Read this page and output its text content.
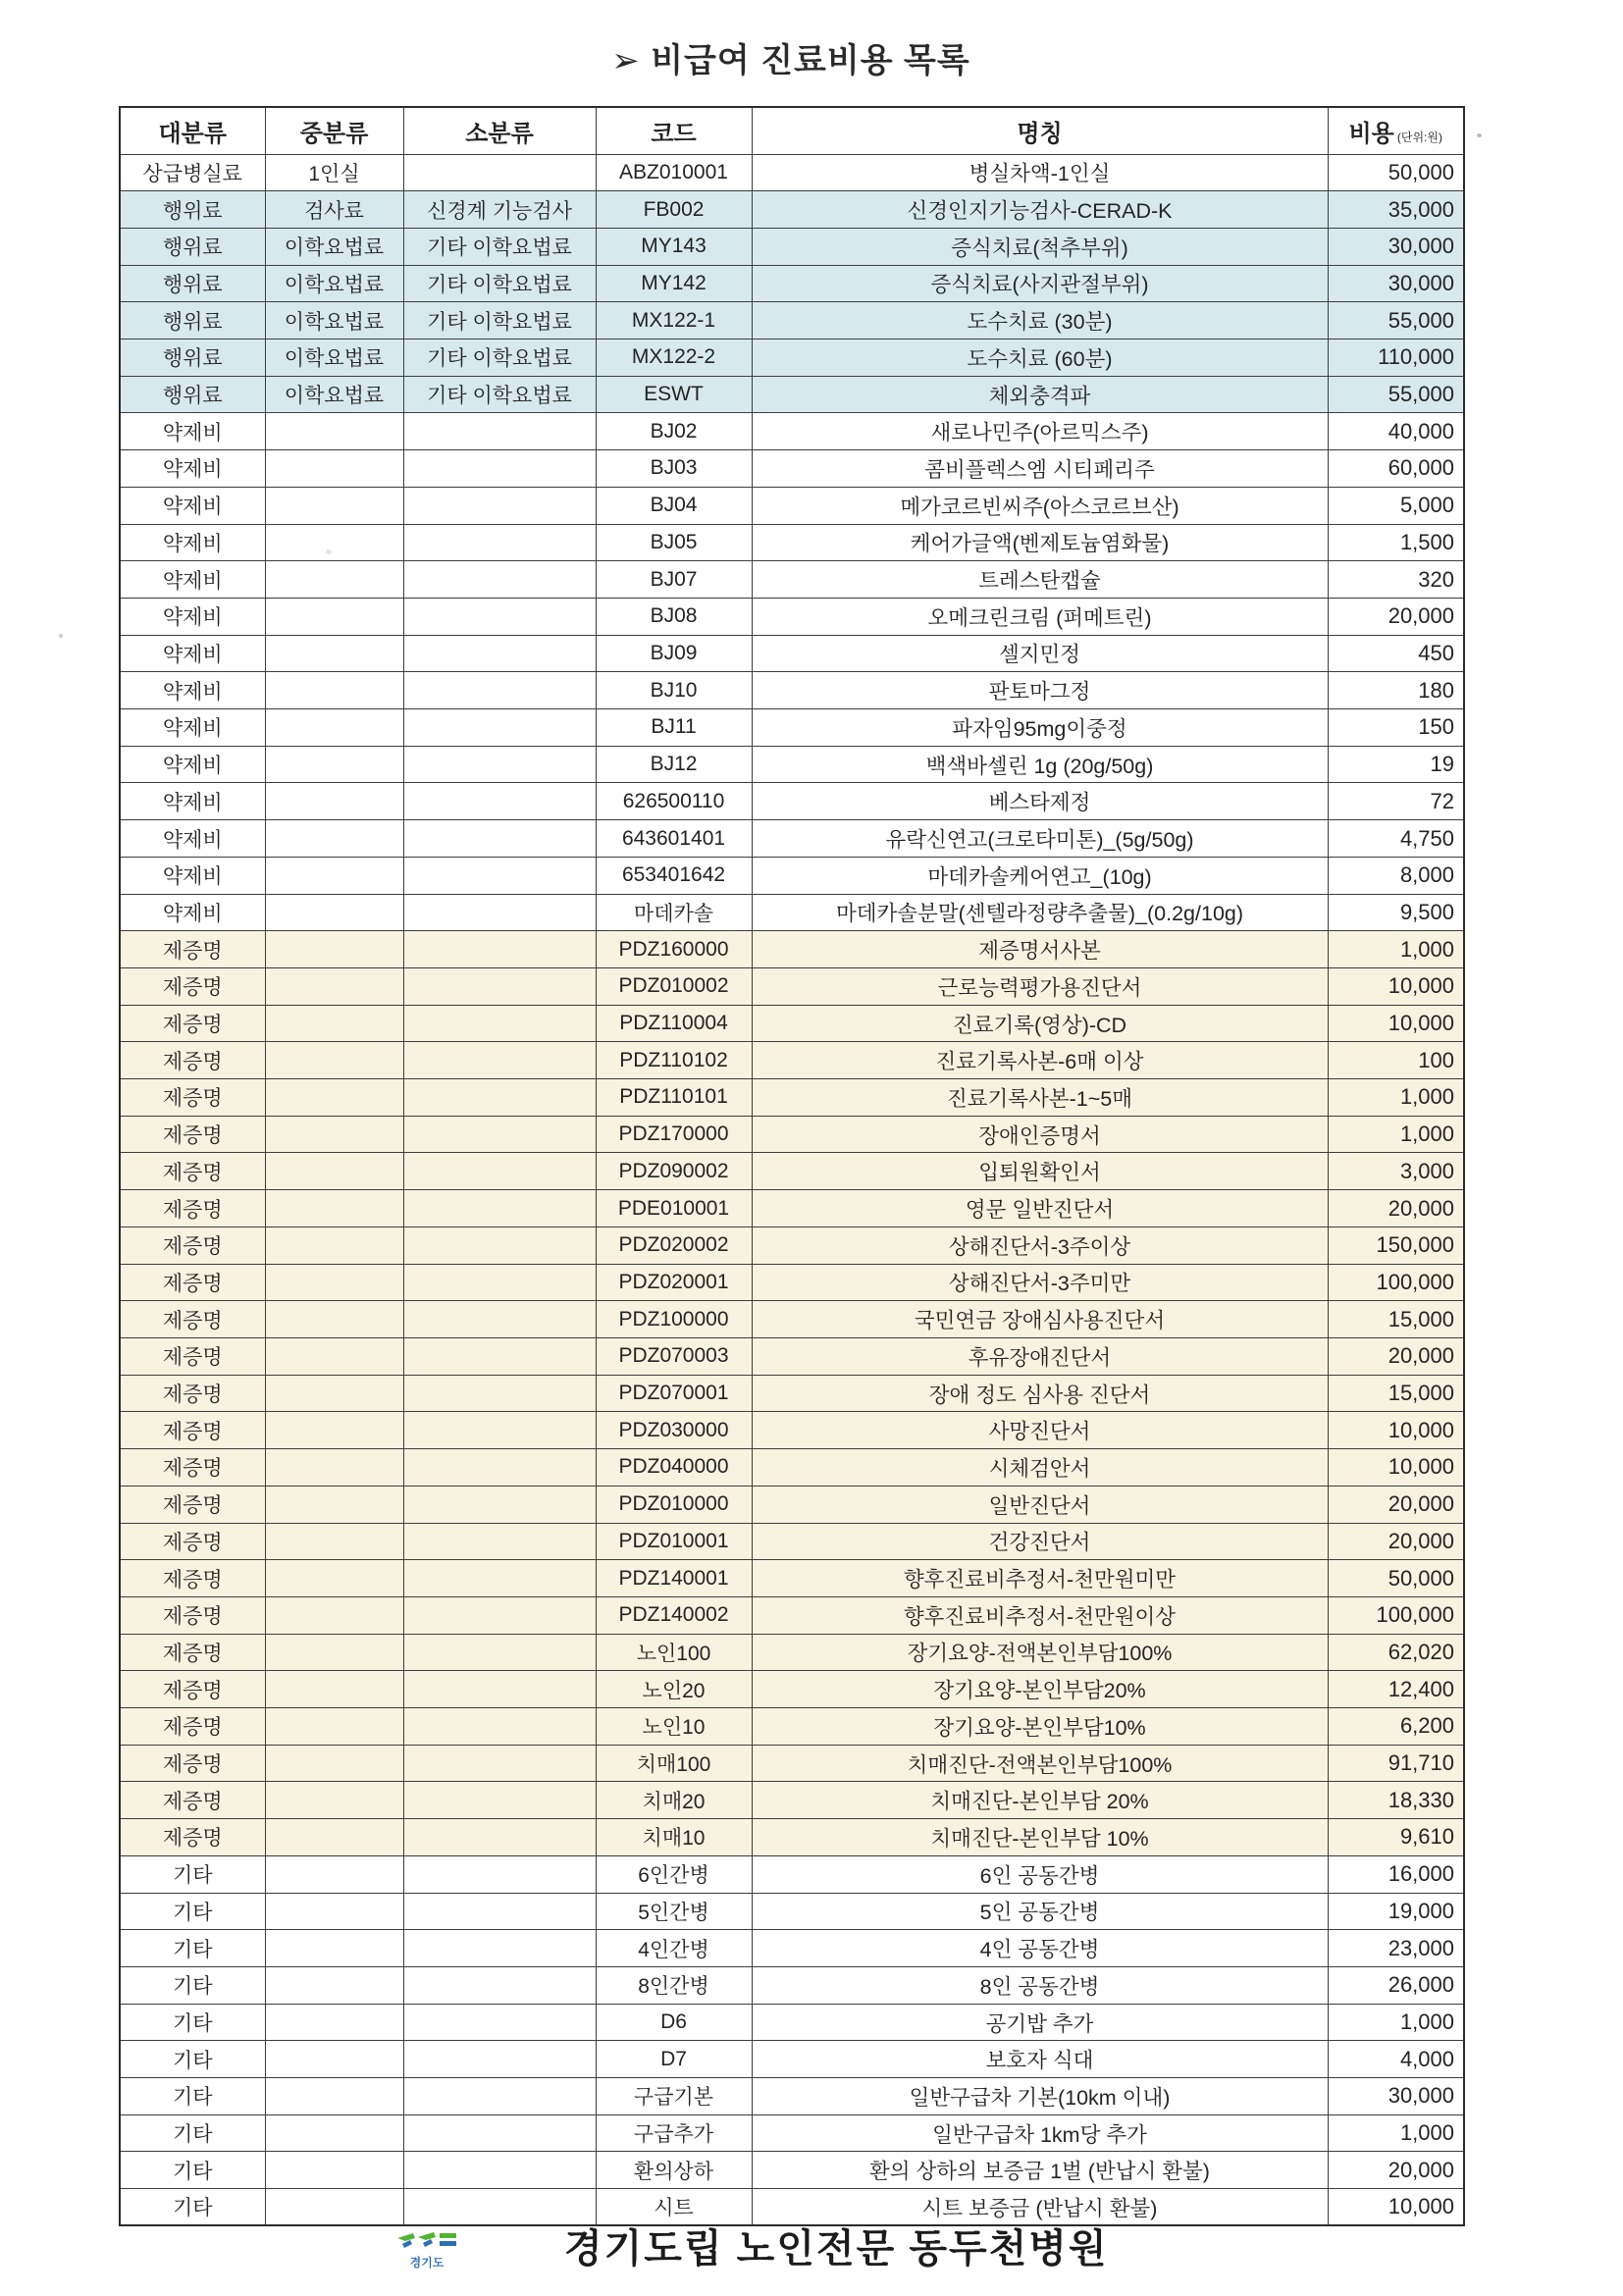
➢ 비급여 진료비용 목록
대분류	중분류	소분류	코드	명칭	비용 (단위:원)
상급병실료	1인실		ABZ010001	병실차액-1인실	50,000
행위료	검사료	신경계 기능검사	FB002	신경인지기능검사-CERAD-K	35,000
행위료	이학요법료	기타 이학요법료	MY143	증식치료(척추부위)	30,000
행위료	이학요법료	기타 이학요법료	MY142	증식치료(사지관절부위)	30,000
행위료	이학요법료	기타 이학요법료	MX122-1	도수치료 (30분)	55,000
행위료	이학요법료	기타 이학요법료	MX122-2	도수치료 (60분)	110,000
행위료	이학요법료	기타 이학요법료	ESWT	체외충격파	55,000
약제비			BJ02	새로나민주(아르믹스주)	40,000
약제비			BJ03	콤비플렉스엠 시티페리주	60,000
약제비			BJ04	메가코르빈씨주(아스코르브산)	5,000
약제비			BJ05	케어가글액(벤제토늄염화물)	1,500
약제비			BJ07	트레스탄캡슐	320
약제비			BJ08	오메크린크림 (퍼메트린)	20,000
약제비			BJ09	셀지민정	450
약제비			BJ10	판토마그정	180
약제비			BJ11	파자임95mg이중정	150
약제비			BJ12	백색바셀린 1g (20g/50g)	19
약제비			626500110	베스타제정	72
약제비			643601401	유락신연고(크로타미톤)_(5g/50g)	4,750
약제비			653401642	마데카솔케어연고_(10g)	8,000
약제비			마데카솔	마데카솔분말(센텔라정량추출물)_(0.2g/10g)	9,500
제증명			PDZ160000	제증명서사본	1,000
제증명			PDZ010002	근로능력평가용진단서	10,000
제증명			PDZ110004	진료기록(영상)-CD	10,000
제증명			PDZ110102	진료기록사본-6매 이상	100
제증명			PDZ110101	진료기록사본-1~5매	1,000
제증명			PDZ170000	장애인증명서	1,000
제증명			PDZ090002	입퇴원확인서	3,000
제증명			PDE010001	영문 일반진단서	20,000
제증명			PDZ020002	상해진단서-3주이상	150,000
제증명			PDZ020001	상해진단서-3주미만	100,000
제증명			PDZ100000	국민연금 장애심사용진단서	15,000
제증명			PDZ070003	후유장애진단서	20,000
제증명			PDZ070001	장애 정도 심사용 진단서	15,000
제증명			PDZ030000	사망진단서	10,000
제증명			PDZ040000	시체검안서	10,000
제증명			PDZ010000	일반진단서	20,000
제증명			PDZ010001	건강진단서	20,000
제증명			PDZ140001	향후진료비추정서-천만원미만	50,000
제증명			PDZ140002	향후진료비추정서-천만원이상	100,000
제증명			노인100	장기요양-전액본인부담100%	62,020
제증명			노인20	장기요양-본인부담20%	12,400
제증명			노인10	장기요양-본인부담10%	6,200
제증명			치매100	치매진단-전액본인부담100%	91,710
제증명			치매20	치매진단-본인부담 20%	18,330
제증명			치매10	치매진단-본인부담 10%	9,610
기타			6인간병	6인 공동간병	16,000
기타			5인간병	5인 공동간병	19,000
기타			4인간병	4인 공동간병	23,000
기타			8인간병	8인 공동간병	26,000
기타			D6	공기밥 추가	1,000
기타			D7	보호자 식대	4,000
기타			구급기본	일반구급차 기본(10km 이내)	30,000
기타			구급추가	일반구급차 1km당 추가	1,000
기타			환의상하	환의 상하의 보증금 1벌 (반납시 환불)	20,000
기타			시트	시트 보증금 (반납시 환불)	10,000
경기도	경기도립 노인전문 동두천병원
